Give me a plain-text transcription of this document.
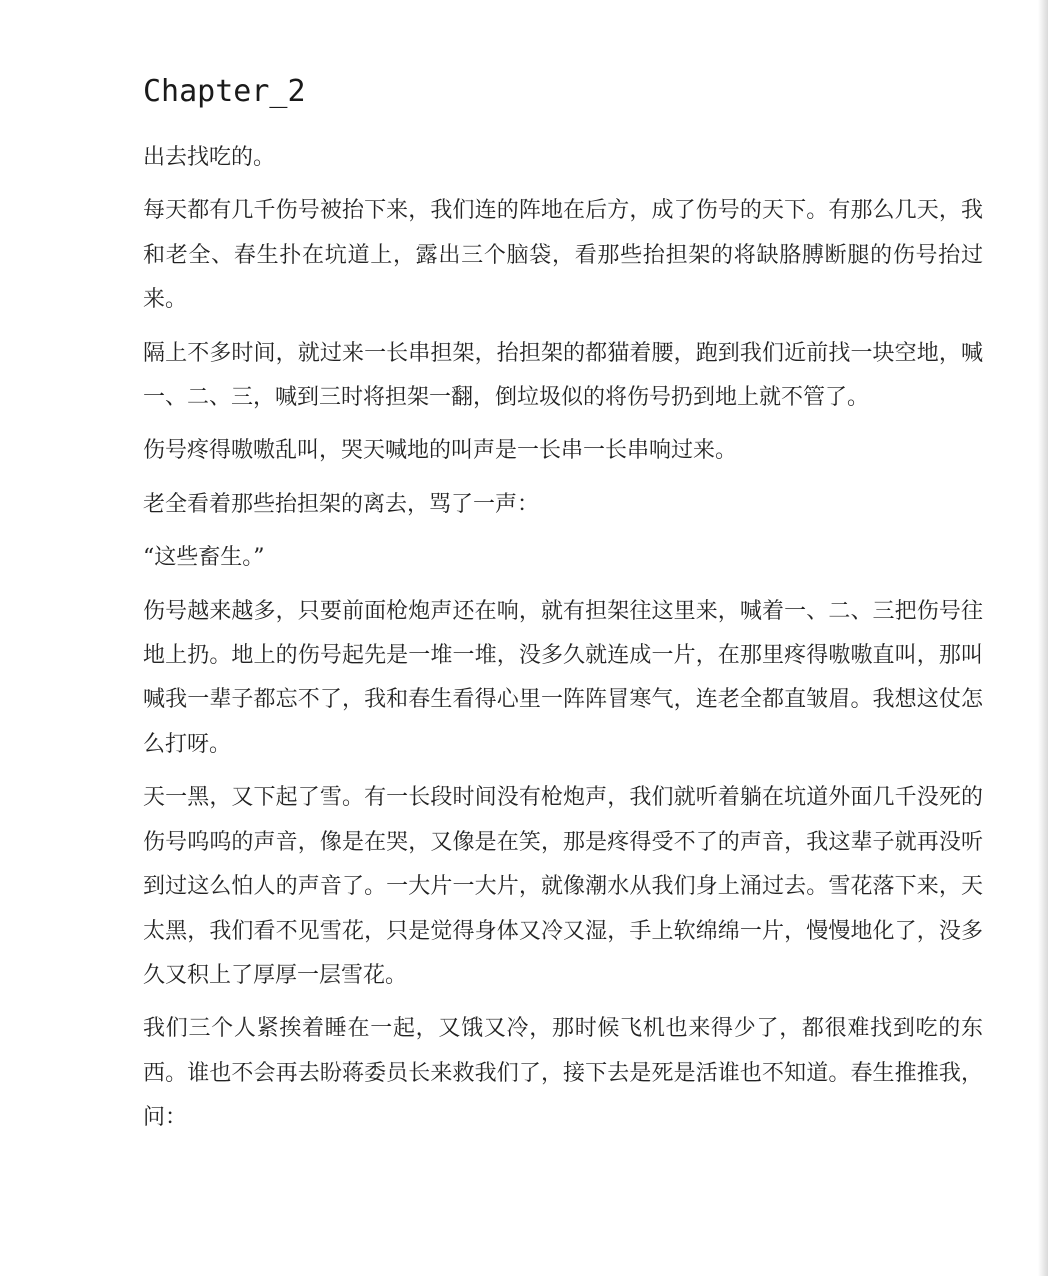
Chapter_2

出去找吃的。

每天都有几千伤号被抬下来，我们连的阵地在后方，成了伤号的天下。有那么几天，我和老全、春生扑在坑道上，露出三个脑袋，看那些抬担架的将缺胳膊断腿的伤号抬过来。

隔上不多时间，就过来一长串担架，抬担架的都猫着腰，跑到我们近前找一块空地，喊一、二、三，喊到三时将担架一翻，倒垃圾似的将伤号扔到地上就不管了。

伤号疼得嗷嗷乱叫，哭天喊地的叫声是一长串一长串响过来。

老全看着那些抬担架的离去，骂了一声：

“这些畜生。”

伤号越来越多，只要前面枪炮声还在响，就有担架往这里来，喊着一、二、三把伤号往地上扔。地上的伤号起先是一堆一堆，没多久就连成一片，在那里疼得嗷嗷直叫，那叫喊我一辈子都忘不了，我和春生看得心里一阵阵冒寒气，连老全都直皱眉。我想这仗怎么打呀。

天一黑，又下起了雪。有一长段时间没有枪炮声，我们就听着躺在坑道外面几千没死的伤号呜呜的声音，像是在哭，又像是在笑，那是疼得受不了的声音，我这辈子就再没听到过这么怕人的声音了。一大片一大片，就像潮水从我们身上涌过去。雪花落下来，天太黑，我们看不见雪花，只是觉得身体又冷又湿，手上软绵绵一片，慢慢地化了，没多久又积上了厚厚一层雪花。

我们三个人紧挨着睡在一起，又饿又冷，那时候飞机也来得少了，都很难找到吃的东西。谁也不会再去盼蒋委员长来救我们了，接下去是死是活谁也不知道。春生推推我，问：
